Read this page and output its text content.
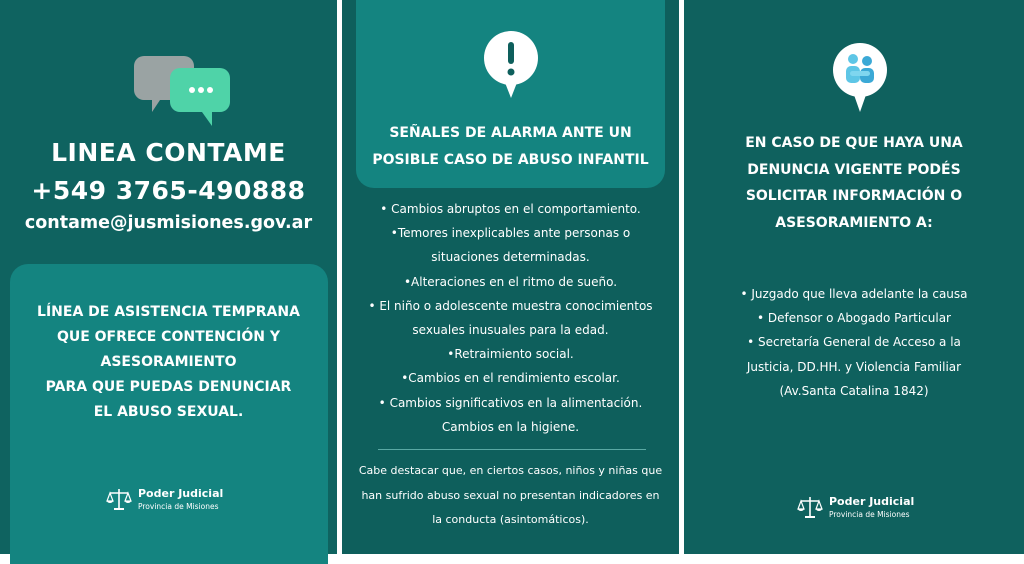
LINEA CONTAME
+549 3765-490888
contame@jusmisiones.gov.ar
LÍNEA DE ASISTENCIA TEMPRANA
QUE OFRECE CONTENCIÓN Y
ASESORAMIENTO
PARA QUE PUEDAS DENUNCIAR
EL ABUSO SEXUAL.
Poder Judicial
Provincia de Misiones
SEÑALES DE ALARMA ANTE UN
POSIBLE CASO DE ABUSO INFANTIL
• Cambios abruptos en el comportamiento.
•Temores inexplicables ante personas o
situaciones determinadas.
•Alteraciones en el ritmo de sueño.
• El niño o adolescente muestra conocimientos
sexuales inusuales para la edad.
•Retraimiento social.
•Cambios en el rendimiento escolar.
• Cambios significativos en la alimentación.
Cambios en la higiene.
Cabe destacar que, en ciertos casos, niños y niñas que
han sufrido abuso sexual no presentan indicadores en
la conducta (asintomáticos).
EN CASO DE QUE HAYA UNA
DENUNCIA VIGENTE PODÉS
SOLICITAR INFORMACIÓN O
ASESORAMIENTO A:
• Juzgado que lleva adelante la causa
• Defensor o Abogado Particular
• Secretaría General de Acceso a la
Justicia, DD.HH. y Violencia Familiar
(Av.Santa Catalina 1842)
Poder Judicial
Provincia de Misiones
